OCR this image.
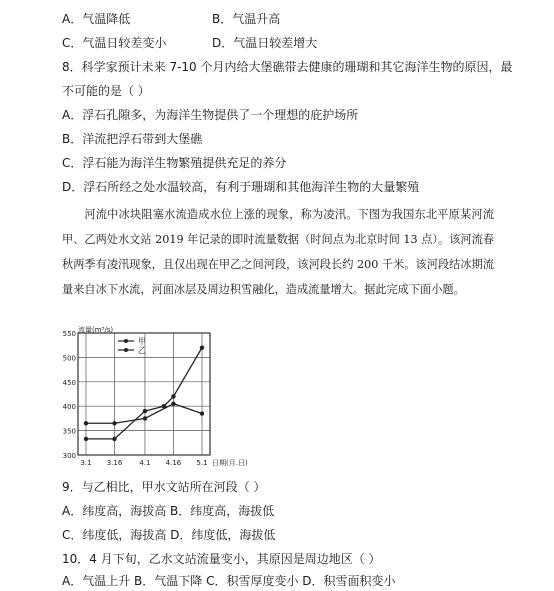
A．气温降低	B．气温升高
C．气温日较差变小	D．气温日较差增大
8．科学家预计未来 7-10 个月内给大堡礁带去健康的珊瑚和其它海洋生物的原因，最
不可能的是（ ）
A．浮石孔隙多，为海洋生物提供了一个理想的庇护场所
B．洋流把浮石带到大堡礁
C．浮石能为海洋生物繁殖提供充足的养分
D．浮石所经之处水温较高，有利于珊瑚和其他海洋生物的大量繁殖
河流中冰块阻塞水流造成水位上涨的现象，称为凌汛。下图为我国东北平原某河流甲、乙两处水文站 2019 年记录的即时流量数据（时间点为北京时间 13 点）。该河流春秋两季有凌汛现象，且仅出现在甲乙之间河段，该河段长约 200 千米。该河段结冰期流量来自冰下水流，河面冰层及周边积雪融化，造成流量增大。据此完成下面小题。
300
350
400
450
500
550
3.1 3.16 4.1 4.16 5.1
流量(m³/s)
日期(月.日)
甲
乙
9．与乙相比，甲水文站所在河段（ ）
A．纬度高，海拔高 B．纬度高，海拔低
C．纬度低，海拔高 D．纬度低，海拔低
10．4 月下旬，乙水文站流量变小，其原因是周边地区（ ）
A．气温上升 B．气温下降 C．积雪厚度变小 D．积雪面积变小
